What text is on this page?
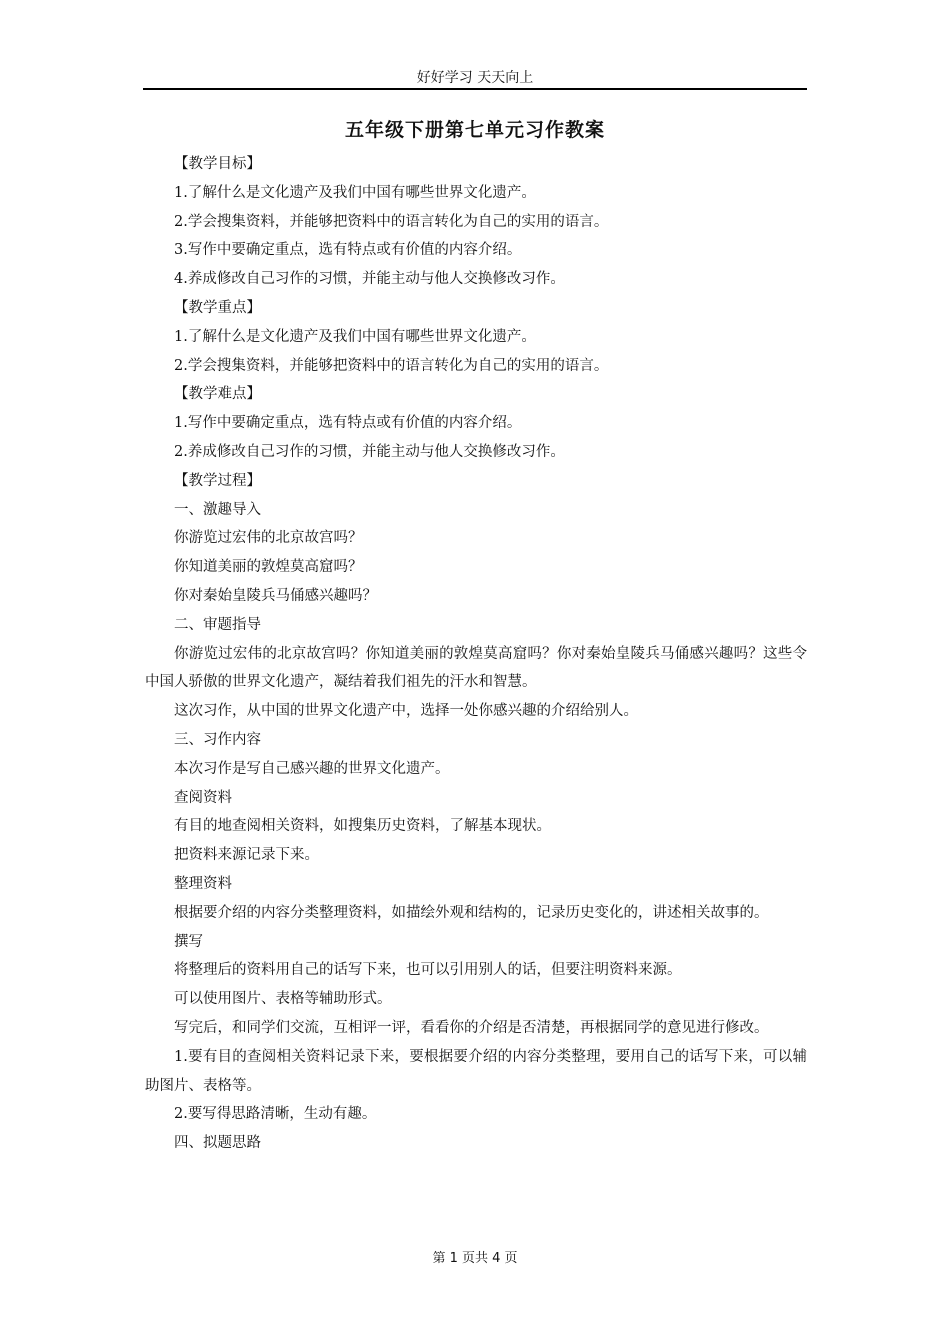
好好学习 天天向上
五年级下册第七单元习作教案

【教学目标】

1.了解什么是文化遗产及我们中国有哪些世界文化遗产。

2.学会搜集资料，并能够把资料中的语言转化为自己的实用的语言。

3.写作中要确定重点，选有特点或有价值的内容介绍。

4.养成修改自己习作的习惯，并能主动与他人交换修改习作。

【教学重点】

1.了解什么是文化遗产及我们中国有哪些世界文化遗产。

2.学会搜集资料，并能够把资料中的语言转化为自己的实用的语言。

【教学难点】

1.写作中要确定重点，选有特点或有价值的内容介绍。

2.养成修改自己习作的习惯，并能主动与他人交换修改习作。

【教学过程】

一、激趣导入

你游览过宏伟的北京故宫吗？

你知道美丽的敦煌莫高窟吗？

你对秦始皇陵兵马俑感兴趣吗？

二、审题指导

你游览过宏伟的北京故宫吗？你知道美丽的敦煌莫高窟吗？你对秦始皇陵兵马俑感兴趣吗？这些令中国人骄傲的世界文化遗产，凝结着我们祖先的汗水和智慧。

这次习作，从中国的世界文化遗产中，选择一处你感兴趣的介绍给别人。

三、习作内容

本次习作是写自己感兴趣的世界文化遗产。

查阅资料

有目的地查阅相关资料，如搜集历史资料，了解基本现状。

把资料来源记录下来。

整理资料

根据要介绍的内容分类整理资料，如描绘外观和结构的，记录历史变化的，讲述相关故事的。

撰写

将整理后的资料用自己的话写下来，也可以引用别人的话，但要注明资料来源。

可以使用图片、表格等辅助形式。

写完后，和同学们交流，互相评一评，看看你的介绍是否清楚，再根据同学的意见进行修改。

1.要有目的查阅相关资料记录下来，要根据要介绍的内容分类整理，要用自己的话写下来，可以辅助图片、表格等。

2.要写得思路清晰，生动有趣。

四、拟题思路

第 1 页共 4 页
